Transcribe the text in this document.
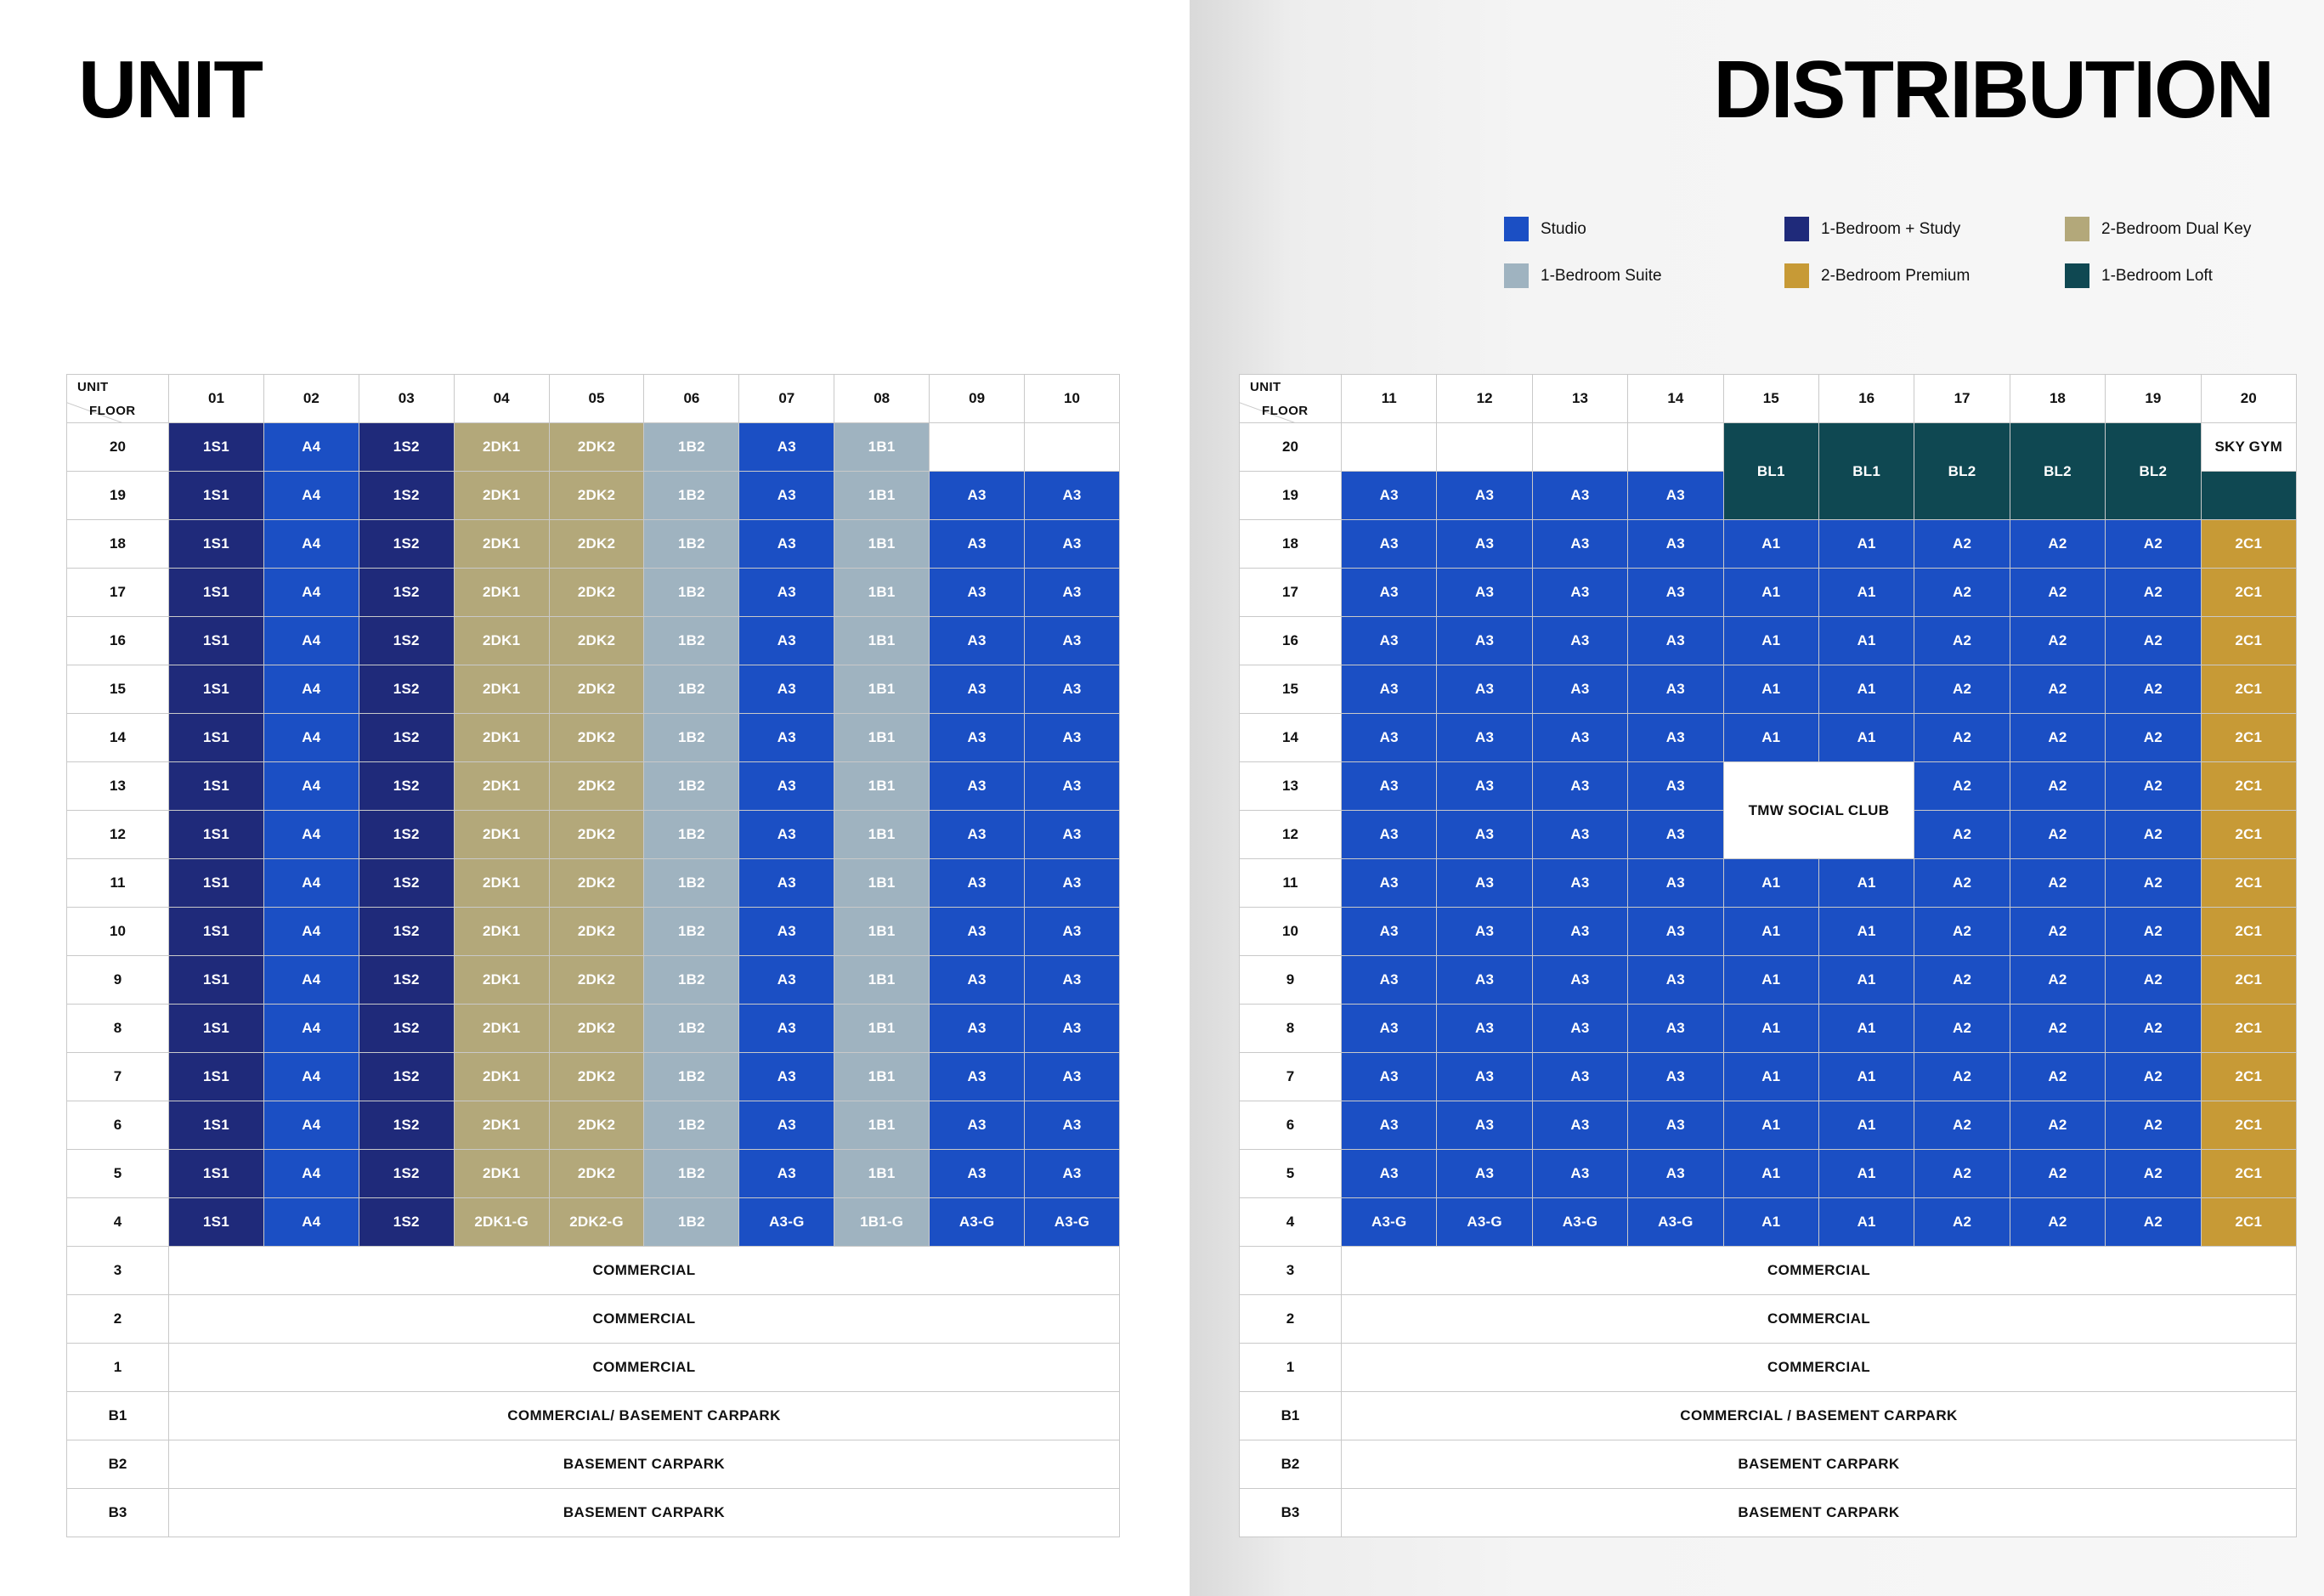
UNIT
UNIT
FLOOR	01	02	03	04	05	06	07	08	09	10
20	1S1	A4	1S2	2DK1	2DK2	1B2	A3	1B1		
19	1S1	A4	1S2	2DK1	2DK2	1B2	A3	1B1	A3	A3
18	1S1	A4	1S2	2DK1	2DK2	1B2	A3	1B1	A3	A3
17	1S1	A4	1S2	2DK1	2DK2	1B2	A3	1B1	A3	A3
16	1S1	A4	1S2	2DK1	2DK2	1B2	A3	1B1	A3	A3
15	1S1	A4	1S2	2DK1	2DK2	1B2	A3	1B1	A3	A3
14	1S1	A4	1S2	2DK1	2DK2	1B2	A3	1B1	A3	A3
13	1S1	A4	1S2	2DK1	2DK2	1B2	A3	1B1	A3	A3
12	1S1	A4	1S2	2DK1	2DK2	1B2	A3	1B1	A3	A3
11	1S1	A4	1S2	2DK1	2DK2	1B2	A3	1B1	A3	A3
10	1S1	A4	1S2	2DK1	2DK2	1B2	A3	1B1	A3	A3
9	1S1	A4	1S2	2DK1	2DK2	1B2	A3	1B1	A3	A3
8	1S1	A4	1S2	2DK1	2DK2	1B2	A3	1B1	A3	A3
7	1S1	A4	1S2	2DK1	2DK2	1B2	A3	1B1	A3	A3
6	1S1	A4	1S2	2DK1	2DK2	1B2	A3	1B1	A3	A3
5	1S1	A4	1S2	2DK1	2DK2	1B2	A3	1B1	A3	A3
4	1S1	A4	1S2	2DK1-G	2DK2-G	1B2	A3-G	1B1-G	A3-G	A3-G
3	COMMERCIAL									
2	COMMERCIAL									
1	COMMERCIAL									
B1	COMMERCIAL/ BASEMENT CARPARK									
B2	BASEMENT CARPARK									
B3	BASEMENT CARPARK									
DISTRIBUTION
Studio	1-Bedroom + Study	2-Bedroom Dual Key
1-Bedroom Suite	2-Bedroom Premium	1-Bedroom Loft
UNIT
FLOOR	11	12	13	14	15	16	17	18	19	20
20					BL1	BL1	BL2	BL2	BL2	SKY GYM
19	A3	A3	A3	A3						
18	A3	A3	A3	A3	A1	A1	A2	A2	A2	2C1
17	A3	A3	A3	A3	A1	A1	A2	A2	A2	2C1
16	A3	A3	A3	A3	A1	A1	A2	A2	A2	2C1
15	A3	A3	A3	A3	A1	A1	A2	A2	A2	2C1
14	A3	A3	A3	A3	A1	A1	A2	A2	A2	2C1
13	A3	A3	A3	A3	TMW SOCIAL CLUB		A2	A2	A2	2C1
12	A3	A3	A3	A3			A2	A2	A2	2C1
11	A3	A3	A3	A3	A1	A1	A2	A2	A2	2C1
10	A3	A3	A3	A3	A1	A1	A2	A2	A2	2C1
9	A3	A3	A3	A3	A1	A1	A2	A2	A2	2C1
8	A3	A3	A3	A3	A1	A1	A2	A2	A2	2C1
7	A3	A3	A3	A3	A1	A1	A2	A2	A2	2C1
6	A3	A3	A3	A3	A1	A1	A2	A2	A2	2C1
5	A3	A3	A3	A3	A1	A1	A2	A2	A2	2C1
4	A3-G	A3-G	A3-G	A3-G	A1	A1	A2	A2	A2	2C1
3	COMMERCIAL									
2	COMMERCIAL									
1	COMMERCIAL									
B1	COMMERCIAL / BASEMENT CARPARK									
B2	BASEMENT CARPARK									
B3	BASEMENT CARPARK									
